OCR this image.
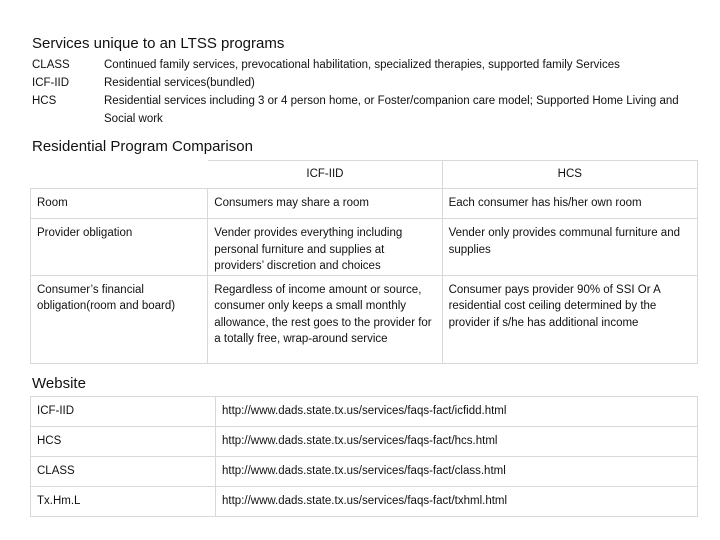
Services unique to an LTSS programs
CLASS	Continued family services, prevocational habilitation, specialized therapies, supported family Services
ICF-IID	Residential services(bundled)
HCS	Residential services including 3 or 4 person home, or Foster/companion care model; Supported Home Living and Social work
Residential Program Comparison
	ICF-IID	HCS
Room	Consumers may share a room	Each consumer has his/her own room
Provider obligation	Vender provides everything including personal furniture and supplies at providers’ discretion and choices	Vender only provides communal furniture and supplies
Consumer’s financial obligation(room and board)	Regardless of income amount or source, consumer only keeps a small monthly allowance, the rest goes to the provider for a totally free, wrap-around service	Consumer pays provider 90% of SSI Or A residential cost ceiling determined by the provider if s/he has additional income
Website
ICF-IID	http://www.dads.state.tx.us/services/faqs-fact/icfidd.html
HCS	http://www.dads.state.tx.us/services/faqs-fact/hcs.html
CLASS	http://www.dads.state.tx.us/services/faqs-fact/class.html
Tx.Hm.L	http://www.dads.state.tx.us/services/faqs-fact/txhml.html
